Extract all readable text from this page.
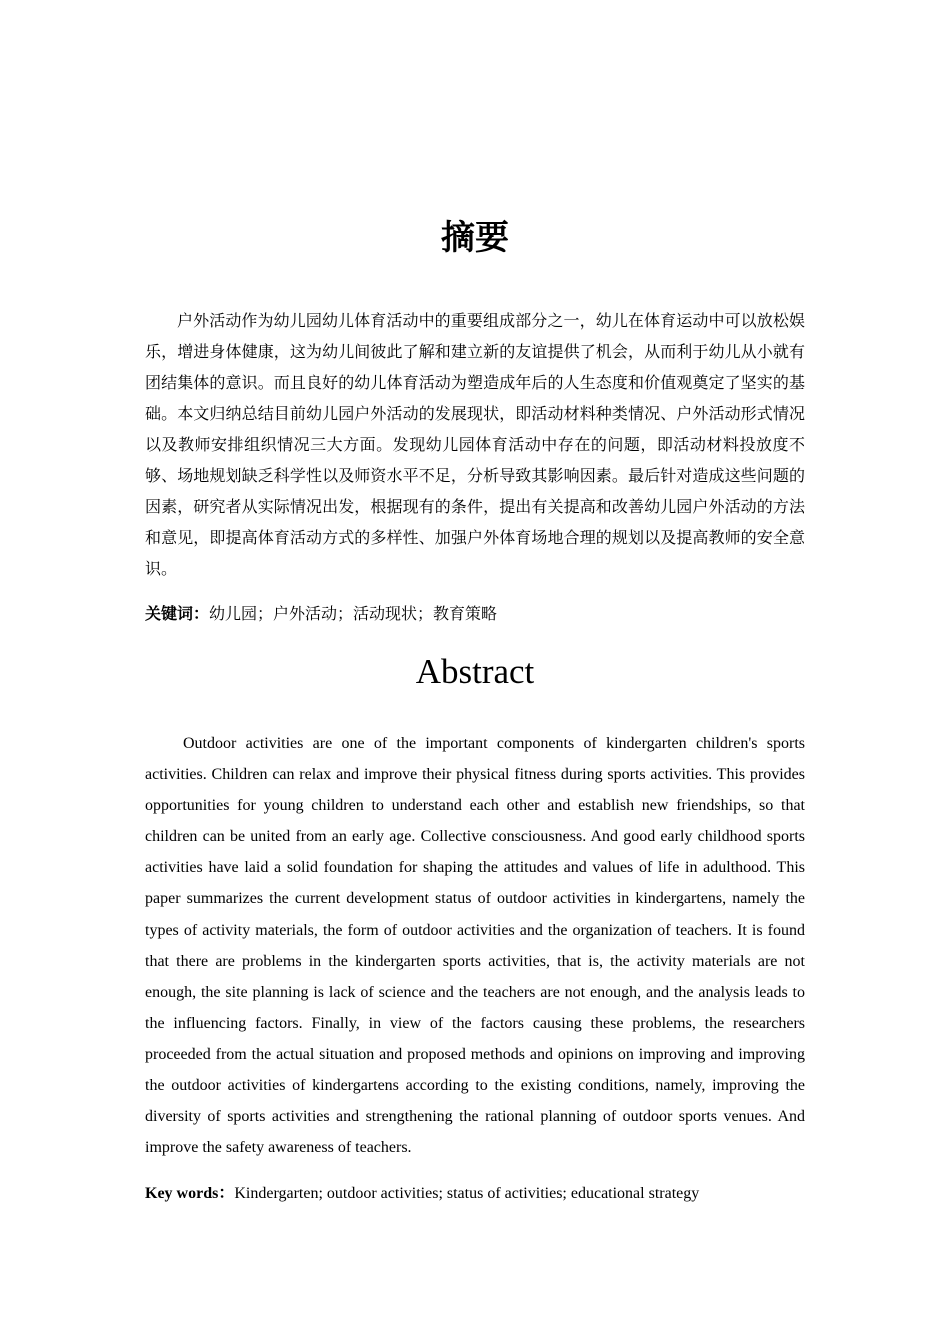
摘要

户外活动作为幼儿园幼儿体育活动中的重要组成部分之一，幼儿在体育运动中可以放松娱乐，增进身体健康，这为幼儿间彼此了解和建立新的友谊提供了机会，从而利于幼儿从小就有团结集体的意识。而且良好的幼儿体育活动为塑造成年后的人生态度和价值观奠定了坚实的基础。本文归纳总结目前幼儿园户外活动的发展现状，即活动材料种类情况、户外活动形式情况以及教师安排组织情况三大方面。发现幼儿园体育活动中存在的问题，即活动材料投放度不够、场地规划缺乏科学性以及师资水平不足，分析导致其影响因素。最后针对造成这些问题的因素，研究者从实际情况出发，根据现有的条件，提出有关提高和改善幼儿园户外活动的方法和意见，即提高体育活动方式的多样性、加强户外体育场地合理的规划以及提高教师的安全意识。

关键词：幼儿园；户外活动；活动现状；教育策略

Abstract

Outdoor activities are one of the important components of kindergarten children's sports activities. Children can relax and improve their physical fitness during sports activities. This provides opportunities for young children to understand each other and establish new friendships, so that children can be united from an early age. Collective consciousness. And good early childhood sports activities have laid a solid foundation for shaping the attitudes and values of life in adulthood. This paper summarizes the current development status of outdoor activities in kindergartens, namely the types of activity materials, the form of outdoor activities and the organization of teachers. It is found that there are problems in the kindergarten sports activities, that is, the activity materials are not enough, the site planning is lack of science and the teachers are not enough, and the analysis leads to the influencing factors. Finally, in view of the factors causing these problems, the researchers proceeded from the actual situation and proposed methods and opinions on improving and improving the outdoor activities of kindergartens according to the existing conditions, namely, improving the diversity of sports activities and strengthening the rational planning of outdoor sports venues. And improve the safety awareness of teachers.

Key words：Kindergarten; outdoor activities; status of activities; educational strategy
